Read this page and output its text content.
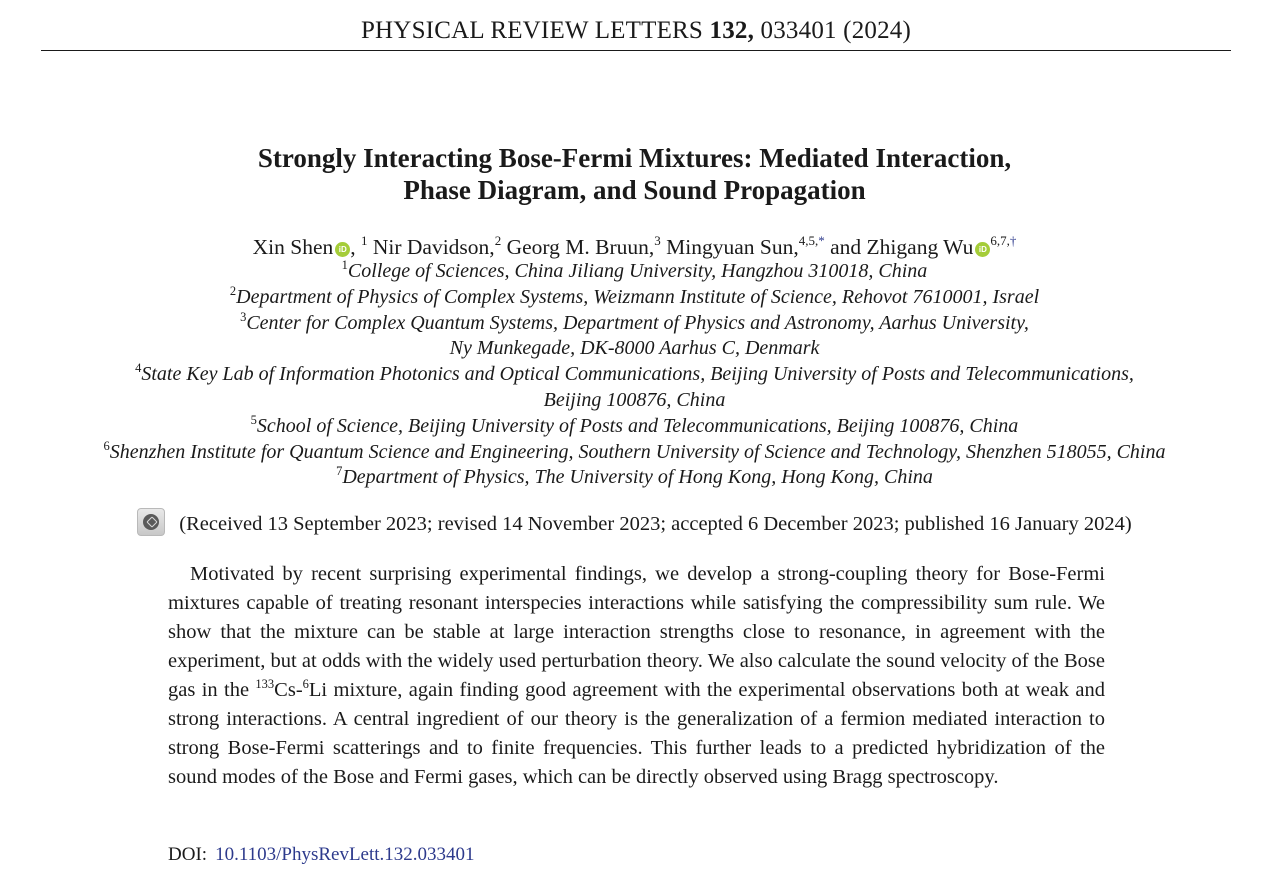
PHYSICAL REVIEW LETTERS 132, 033401 (2024)
Strongly Interacting Bose-Fermi Mixtures: Mediated Interaction,
Phase Diagram, and Sound Propagation
Xin Shen iD , $^1$ Nir Davidson,$^2$ Georg M. Bruun,$^3$ Mingyuan Sun,$^{4,5,*}$ and Zhigang Wu $iD^{6,7,\dagger}$
$^1$College of Sciences, China Jiliang University, Hangzhou 310018, China
$^2$Department of Physics of Complex Systems, Weizmann Institute of Science, Rehovot 7610001, Israel
$^3$Center for Complex Quantum Systems, Department of Physics and Astronomy, Aarhus University,
Ny Munkegade, DK-8000 Aarhus C, Denmark
$^4$State Key Lab of Information Photonics and Optical Communications, Beijing University of Posts and Telecommunications,
Beijing 100876, China
$^5$School of Science, Beijing University of Posts and Telecommunications, Beijing 100876, China
$^6$Shenzhen Institute for Quantum Science and Engineering, Southern University of Science and Technology, Shenzhen 518055, China
$^7$Department of Physics, The University of Hong Kong, Hong Kong, China
(Received 13 September 2023; revised 14 November 2023; accepted 6 December 2023; published 16 January 2024)
Motivated by recent surprising experimental findings, we develop a strong-coupling theory for Bose-Fermi mixtures capable of treating resonant interspecies interactions while satisfying the compressibility sum rule. We show that the mixture can be stable at large interaction strengths close to resonance, in agreement with the experiment, but at odds with the widely used perturbation theory. We also calculate the sound velocity of the Bose gas in the $^{133}$Cs-$^6$Li mixture, again finding good agreement with the experimental observations both at weak and strong interactions. A central ingredient of our theory is the generalization of a fermion mediated interaction to strong Bose-Fermi scatterings and to finite frequencies. This further leads to a predicted hybridization of the sound modes of the Bose and Fermi gases, which can be directly observed using Bragg spectroscopy.
DOI: 10.1103/PhysRevLett.132.033401
